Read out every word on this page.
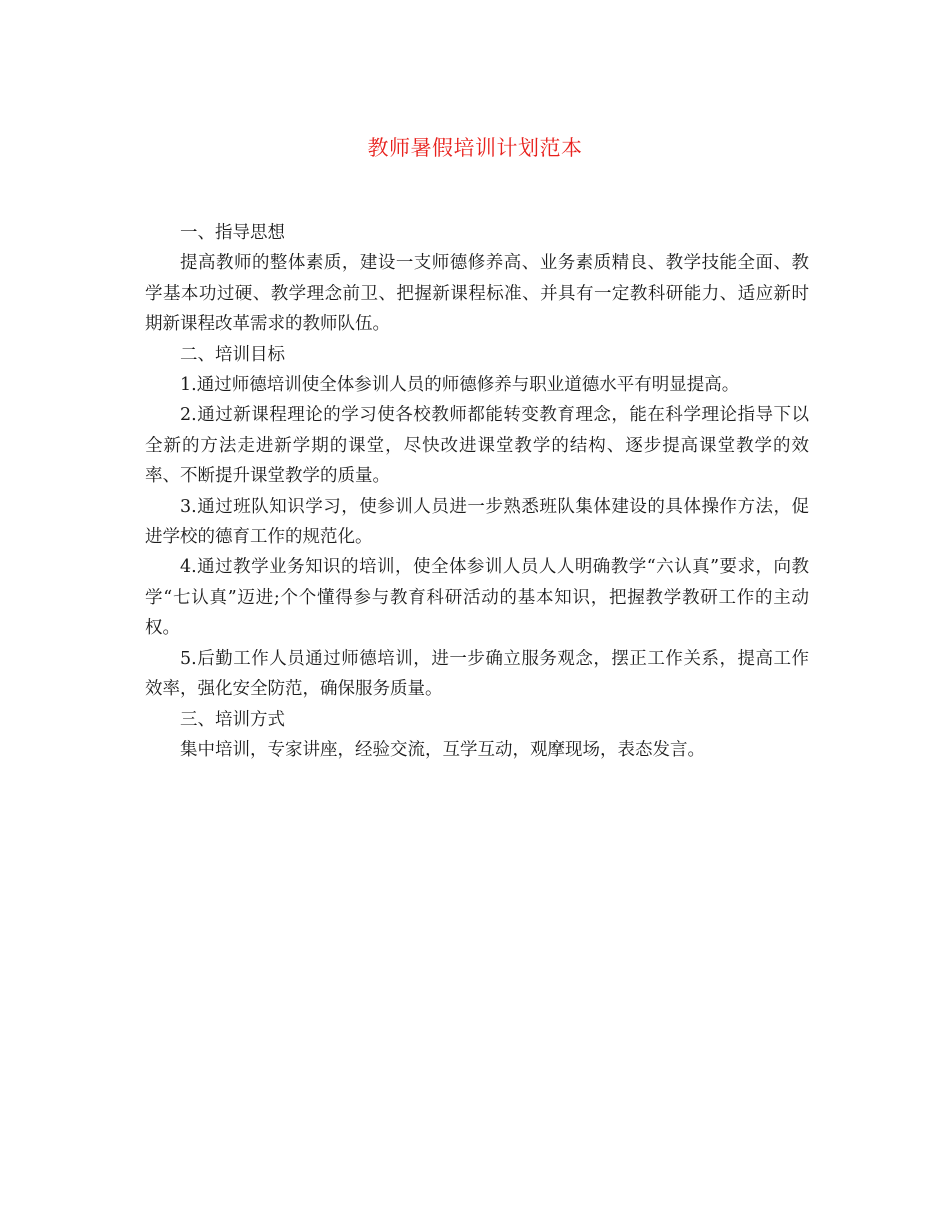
教师暑假培训计划范本

一、指导思想

提高教师的整体素质，建设一支师德修养高、业务素质精良、教学技能全面、教学基本功过硬、教学理念前卫、把握新课程标准、并具有一定教科研能力、适应新时期新课程改革需求的教师队伍。

二、培训目标

1.通过师德培训使全体参训人员的师德修养与职业道德水平有明显提高。

2.通过新课程理论的学习使各校教师都能转变教育理念，能在科学理论指导下以全新的方法走进新学期的课堂，尽快改进课堂教学的结构、逐步提高课堂教学的效率、不断提升课堂教学的质量。

3.通过班队知识学习，使参训人员进一步熟悉班队集体建设的具体操作方法，促进学校的德育工作的规范化。

4.通过教学业务知识的培训，使全体参训人员人人明确教学“六认真”要求，向教学“七认真”迈进;个个懂得参与教育科研活动的基本知识，把握教学教研工作的主动权。

5.后勤工作人员通过师德培训，进一步确立服务观念，摆正工作关系，提高工作效率，强化安全防范，确保服务质量。

三、培训方式

集中培训，专家讲座，经验交流，互学互动，观摩现场，表态发言。
